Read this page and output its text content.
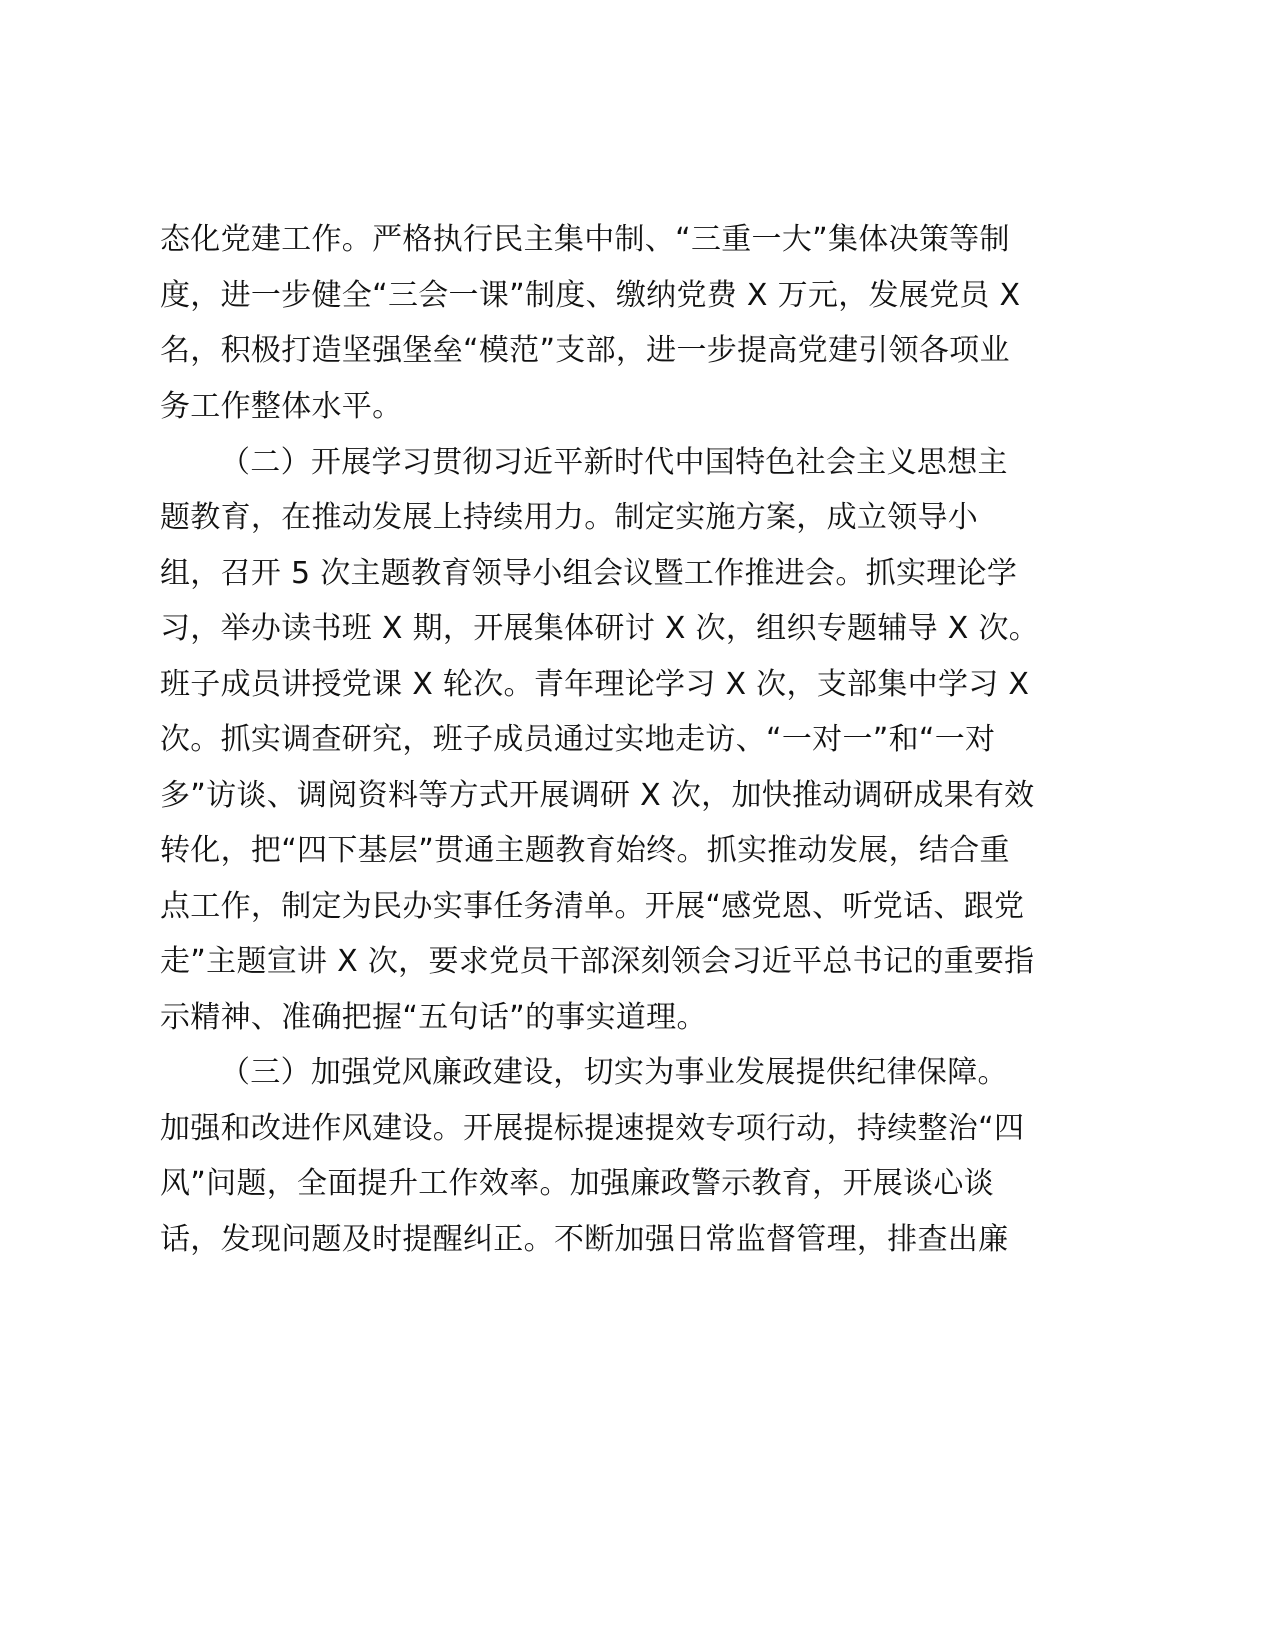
态化党建工作。严格执行民主集中制、“三重一大”集体决策等制
度，进一步健全“三会一课”制度、缴纳党费 X 万元，发展党员 X
名，积极打造坚强堡垒“模范”支部，进一步提高党建引领各项业
务工作整体水平。
（二）开展学习贯彻习近平新时代中国特色社会主义思想主
题教育，在推动发展上持续用力。制定实施方案，成立领导小
组，召开 5 次主题教育领导小组会议暨工作推进会。抓实理论学
习，举办读书班 X 期，开展集体研讨 X 次，组织专题辅导 X 次。
班子成员讲授党课 X 轮次。青年理论学习 X 次，支部集中学习 X
次。抓实调查研究，班子成员通过实地走访、“一对一”和“一对
多”访谈、调阅资料等方式开展调研 X 次，加快推动调研成果有效
转化，把“四下基层”贯通主题教育始终。抓实推动发展，结合重
点工作，制定为民办实事任务清单。开展“感党恩、听党话、跟党
走”主题宣讲 X 次，要求党员干部深刻领会习近平总书记的重要指
示精神、准确把握“五句话”的事实道理。
（三）加强党风廉政建设，切实为事业发展提供纪律保障。
加强和改进作风建设。开展提标提速提效专项行动，持续整治“四
风”问题，全面提升工作效率。加强廉政警示教育，开展谈心谈
话，发现问题及时提醒纠正。不断加强日常监督管理，排查出廉
